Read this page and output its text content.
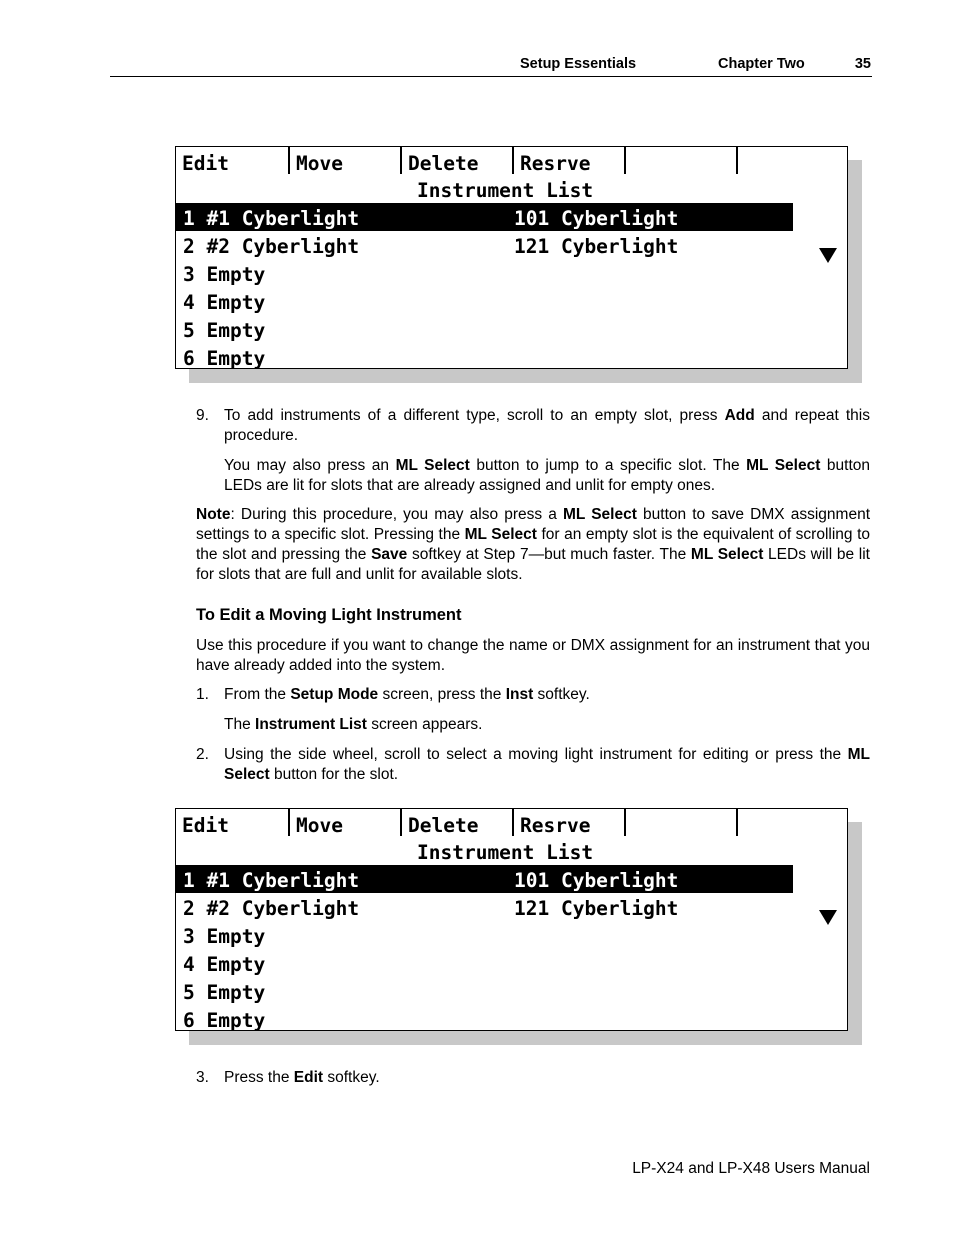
Setup Essentials	Chapter Two	35
Edit	Move	Delete	Resrve
Instrument List
1 #1 Cyberlight	101 Cyberlight
2 #2 Cyberlight	121 Cyberlight
3 Empty
4 Empty
5 Empty
6 Empty
9. To add instruments of a different type, scroll to an empty slot, press Add and repeat this procedure.
You may also press an ML Select button to jump to a specific slot. The ML Select button LEDs are lit for slots that are already assigned and unlit for empty ones.
Note: During this procedure, you may also press a ML Select button to save DMX assignment settings to a specific slot. Pressing the ML Select for an empty slot is the equivalent of scrolling to the slot and pressing the Save softkey at Step 7—but much faster. The ML Select LEDs will be lit for slots that are full and unlit for available slots.
To Edit a Moving Light Instrument
Use this procedure if you want to change the name or DMX assignment for an instrument that you have already added into the system.
1. From the Setup Mode screen, press the Inst softkey.
The Instrument List screen appears.
2. Using the side wheel, scroll to select a moving light instrument for editing or press the ML Select button for the slot.
Edit	Move	Delete	Resrve
Instrument List
1 #1 Cyberlight	101 Cyberlight
2 #2 Cyberlight	121 Cyberlight
3 Empty
4 Empty
5 Empty
6 Empty
3. Press the Edit softkey.
LP-X24 and LP-X48 Users Manual
